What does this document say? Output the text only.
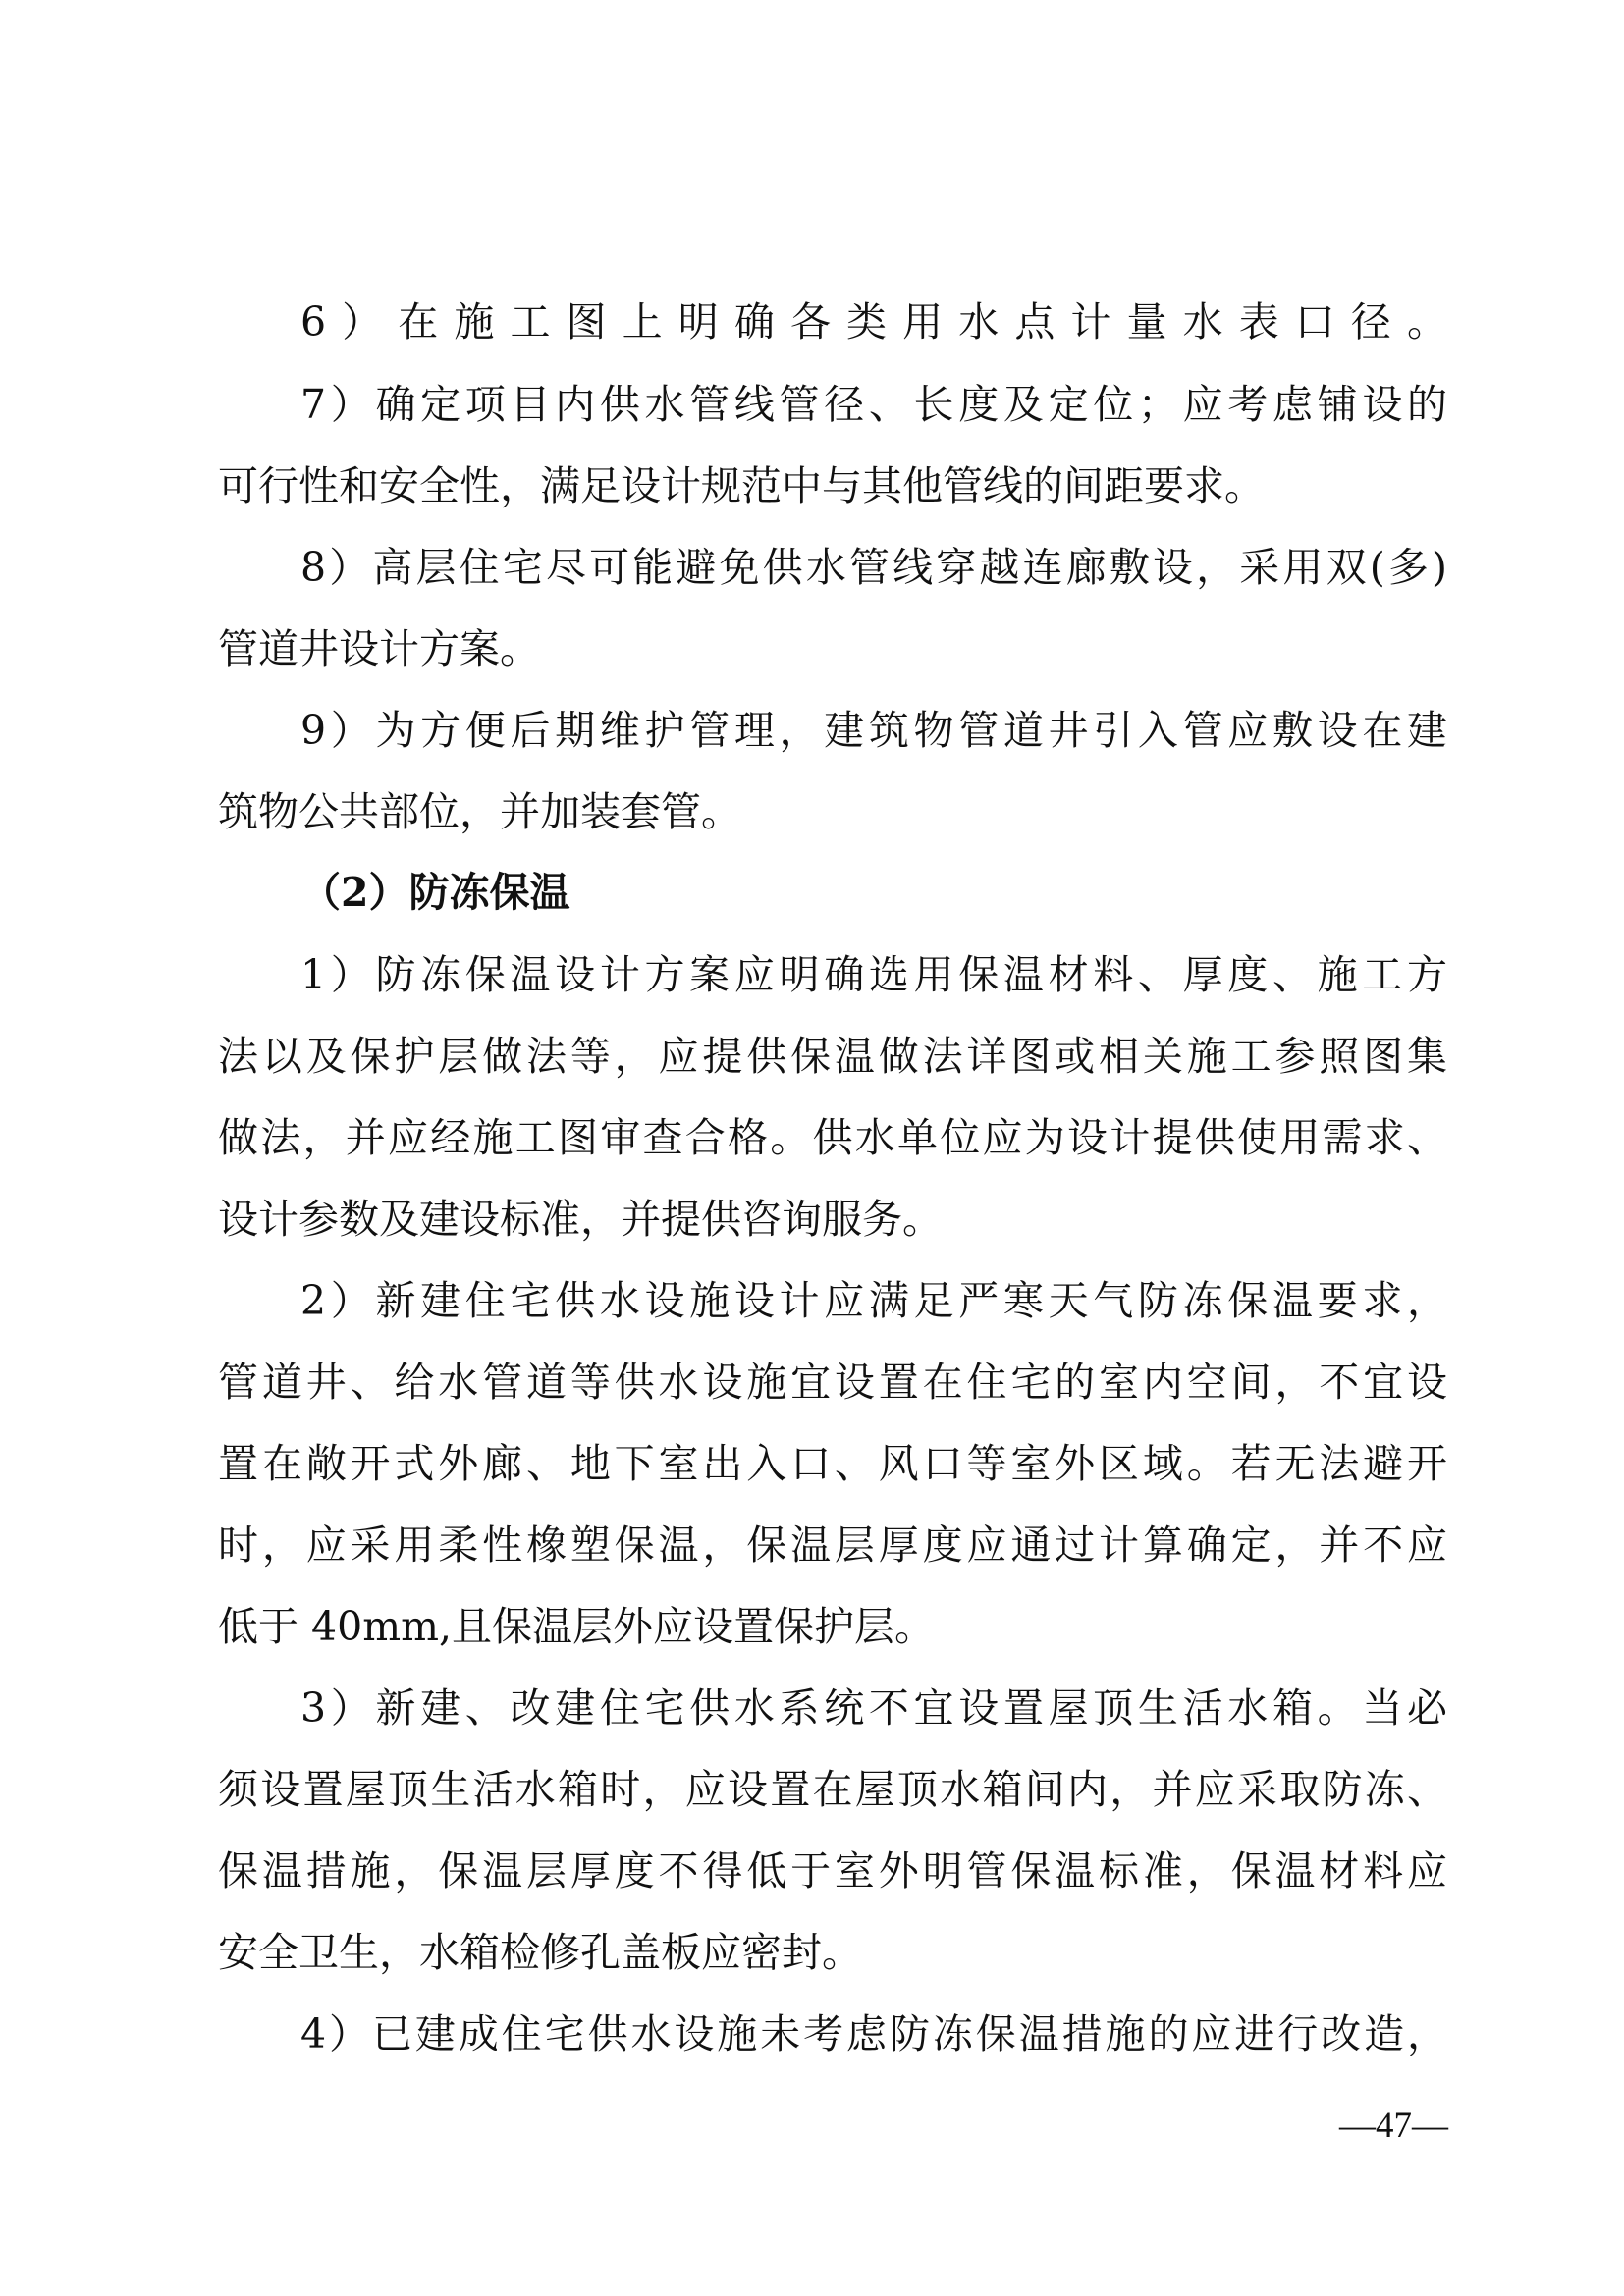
6）在施工图上明确各类用水点计量水表口径。
7）确定项目内供水管线管径、长度及定位；应考虑铺设的
可行性和安全性，满足设计规范中与其他管线的间距要求。
8）高层住宅尽可能避免供水管线穿越连廊敷设，采用双(多)
管道井设计方案。
9）为方便后期维护管理，建筑物管道井引入管应敷设在建
筑物公共部位，并加装套管。
（2）防冻保温
1）防冻保温设计方案应明确选用保温材料、厚度、施工方
法以及保护层做法等，应提供保温做法详图或相关施工参照图集
做法，并应经施工图审查合格。供水单位应为设计提供使用需求、
设计参数及建设标准，并提供咨询服务。
2）新建住宅供水设施设计应满足严寒天气防冻保温要求，
管道井、给水管道等供水设施宜设置在住宅的室内空间，不宜设
置在敞开式外廊、地下室出入口、风口等室外区域。若无法避开
时，应采用柔性橡塑保温，保温层厚度应通过计算确定，并不应
低于 40mm,且保温层外应设置保护层。
3）新建、改建住宅供水系统不宜设置屋顶生活水箱。当必
须设置屋顶生活水箱时，应设置在屋顶水箱间内，并应采取防冻、
保温措施，保温层厚度不得低于室外明管保温标准，保温材料应
安全卫生，水箱检修孔盖板应密封。
4）已建成住宅供水设施未考虑防冻保温措施的应进行改造，
—47—
